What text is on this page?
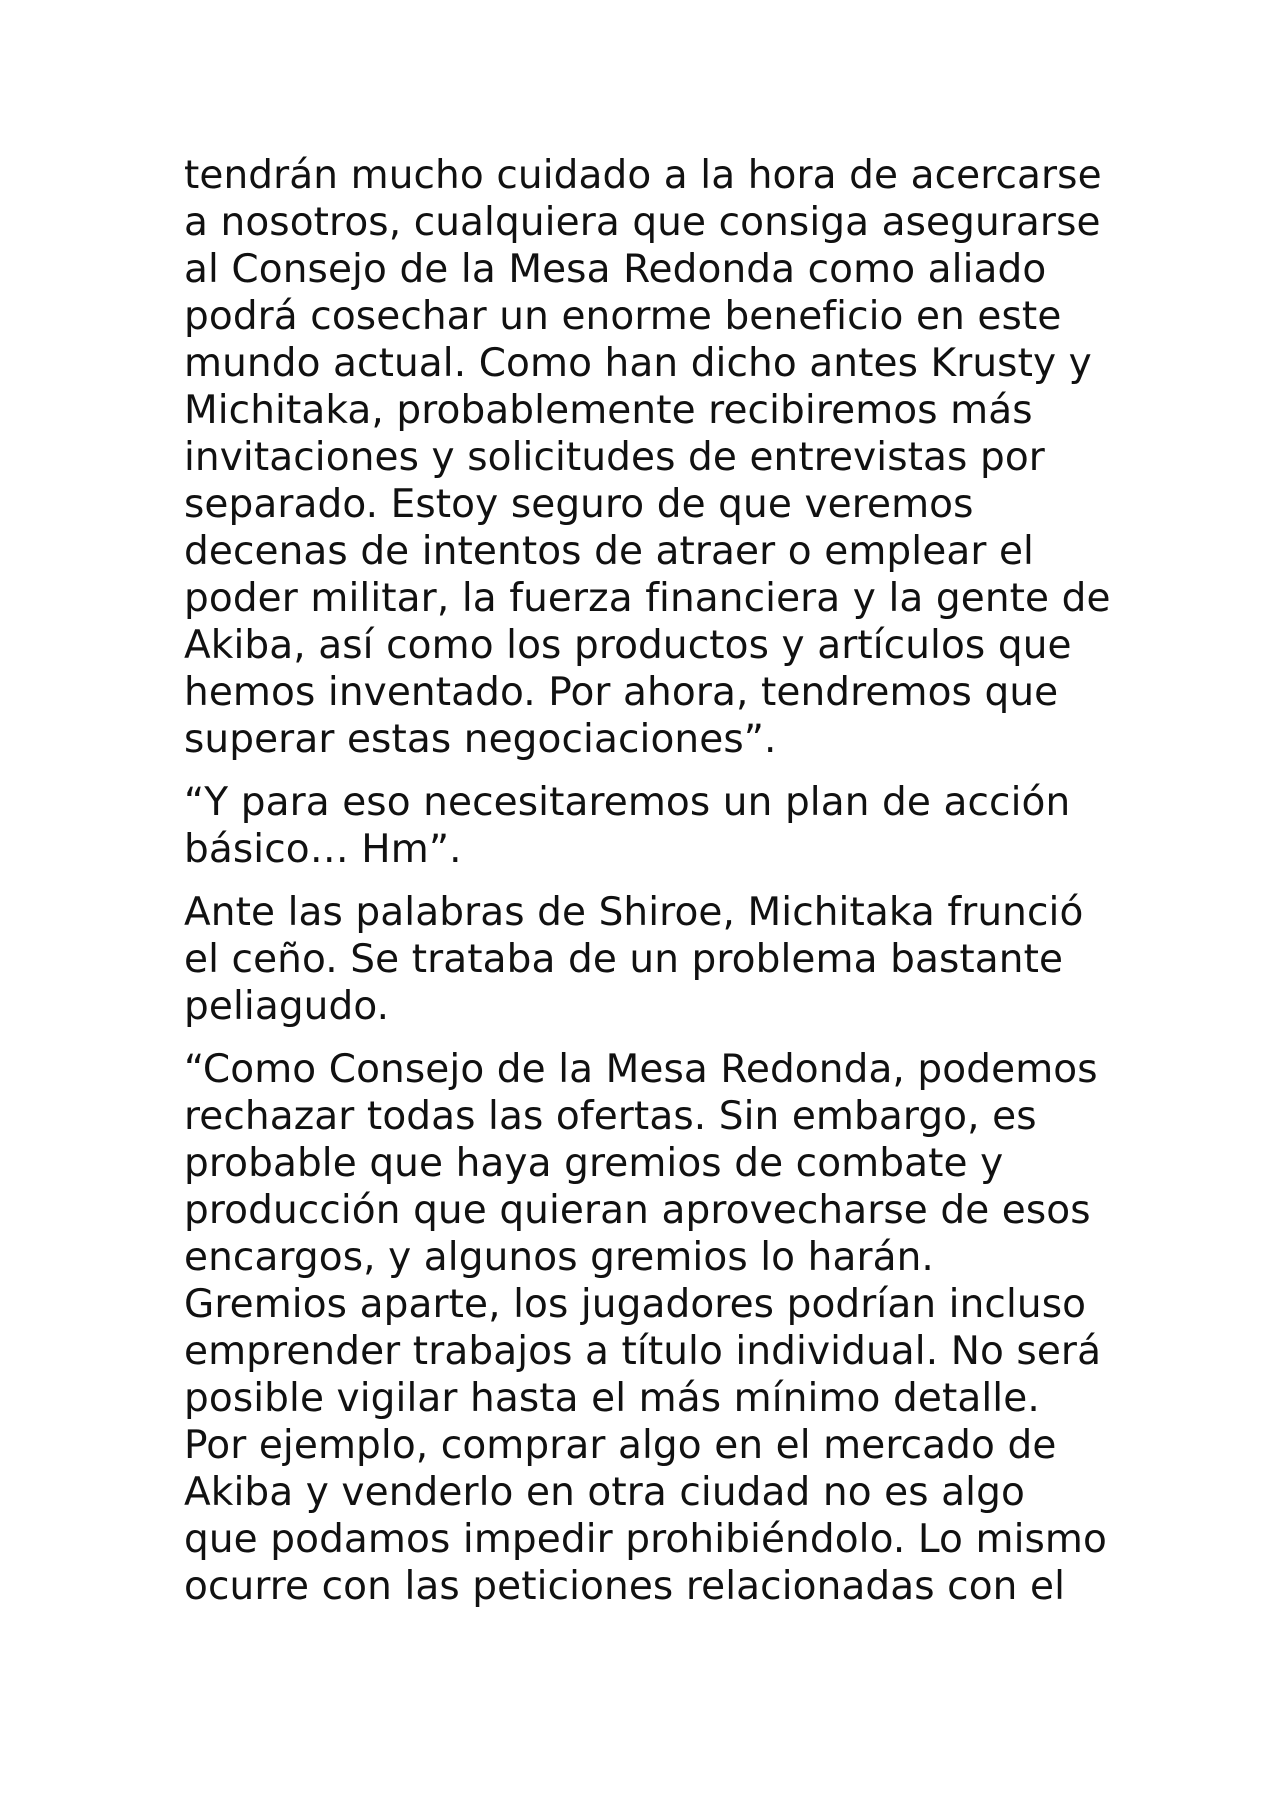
tendrán mucho cuidado a la hora de acercarse
a nosotros, cualquiera que consiga asegurarse
al Consejo de la Mesa Redonda como aliado
podrá cosechar un enorme beneficio en este
mundo actual. Como han dicho antes Krusty y
Michitaka, probablemente recibiremos más
invitaciones y solicitudes de entrevistas por
separado. Estoy seguro de que veremos
decenas de intentos de atraer o emplear el
poder militar, la fuerza financiera y la gente de
Akiba, así como los productos y artículos que
hemos inventado. Por ahora, tendremos que
superar estas negociaciones”.

“Y para eso necesitaremos un plan de acción
básico… Hm”.

Ante las palabras de Shiroe, Michitaka frunció
el ceño. Se trataba de un problema bastante
peliagudo.

“Como Consejo de la Mesa Redonda, podemos
rechazar todas las ofertas. Sin embargo, es
probable que haya gremios de combate y
producción que quieran aprovecharse de esos
encargos, y algunos gremios lo harán.
Gremios aparte, los jugadores podrían incluso
emprender trabajos a título individual. No será
posible vigilar hasta el más mínimo detalle.
Por ejemplo, comprar algo en el mercado de
Akiba y venderlo en otra ciudad no es algo
que podamos impedir prohibiéndolo. Lo mismo
ocurre con las peticiones relacionadas con el
